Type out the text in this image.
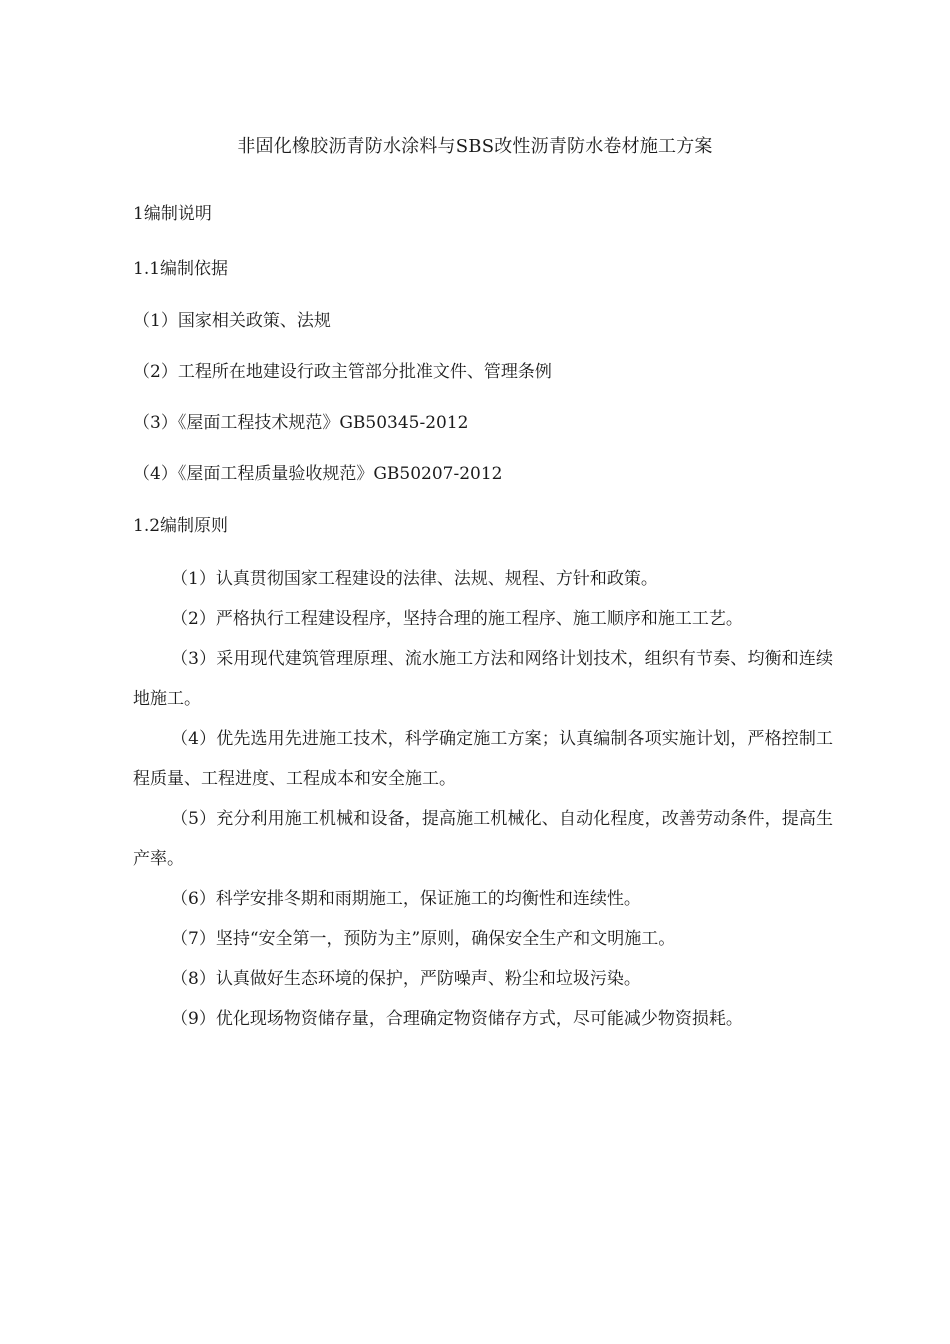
非固化橡胶沥青防水涂料与SBS改性沥青防水卷材施工方案

1编制说明

1.1编制依据

（1）国家相关政策、法规

（2）工程所在地建设行政主管部分批准文件、管理条例

（3）《屋面工程技术规范》GB50345-2012

（4）《屋面工程质量验收规范》GB50207-2012

1.2编制原则

（1）认真贯彻国家工程建设的法律、法规、规程、方针和政策。

（2）严格执行工程建设程序，坚持合理的施工程序、施工顺序和施工工艺。

（3）采用现代建筑管理原理、流水施工方法和网络计划技术，组织有节奏、均衡和连续地施工。

（4）优先选用先进施工技术，科学确定施工方案；认真编制各项实施计划，严格控制工程质量、工程进度、工程成本和安全施工。

（5）充分利用施工机械和设备，提高施工机械化、自动化程度，改善劳动条件，提高生产率。

（6）科学安排冬期和雨期施工，保证施工的均衡性和连续性。

（7）坚持“安全第一，预防为主”原则，确保安全生产和文明施工。

（8）认真做好生态环境的保护，严防噪声、粉尘和垃圾污染。

（9）优化现场物资储存量，合理确定物资储存方式，尽可能减少物资损耗。
